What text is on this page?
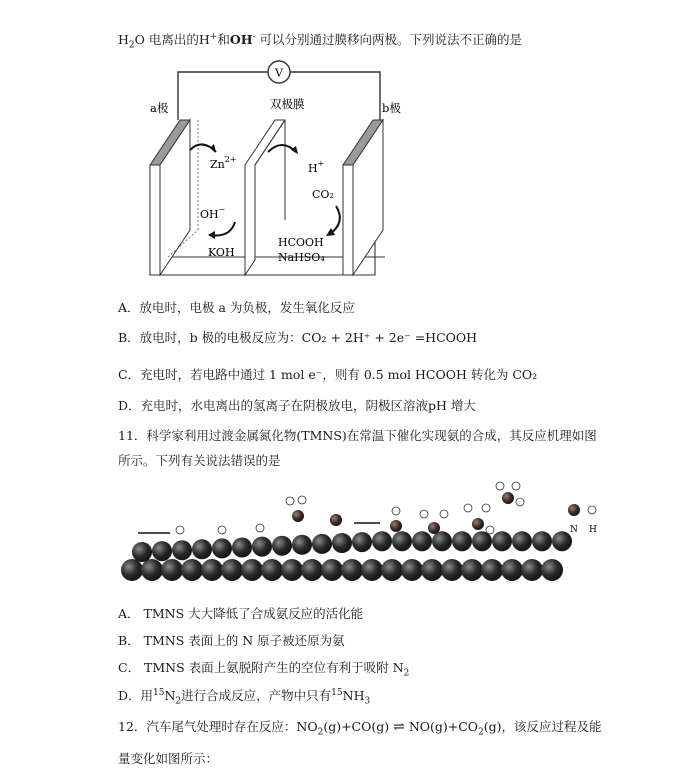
$H_2O$ 电离出的H+和OH- 可以分别通过膜移向两极。下列说法不正确的是
V
a极	b极
双极膜
$Zn^{2+}$
OH−
KOH
H+
CO₂
HCOOH
NaHSO₄
A．放电时，电极 a 为负极，发生氧化反应
B．放电时，b 极的电极反应为：CO₂ + 2H⁺ + 2e⁻ =HCOOH
C．充电时，若电路中通过 1 mol e⁻，则有 0.5 mol HCOOH 转化为 CO₂
D．充电时，水电离出的氢离子在阴极放电，阴极区溶液pH 增大
11．科学家利用过渡金属氮化物(TMNS)在常温下催化实现氨的合成，其反应机理如图
所示。下列有关说法错误的是
N H
A． TMNS 大大降低了合成氨反应的活化能
B． TMNS 表面上的 N 原子被还原为氨
C． TMNS 表面上氨脱附产生的空位有利于吸附 $N_2$
D．用$^{15}N_2$进行合成反应，产物中只有$^{15}NH_3$
12．汽车尾气处理时存在反应：$NO_2(g)+CO(g)$ ⇌ $NO(g)+CO_2(g)$，该反应过程及能
量变化如图所示：
